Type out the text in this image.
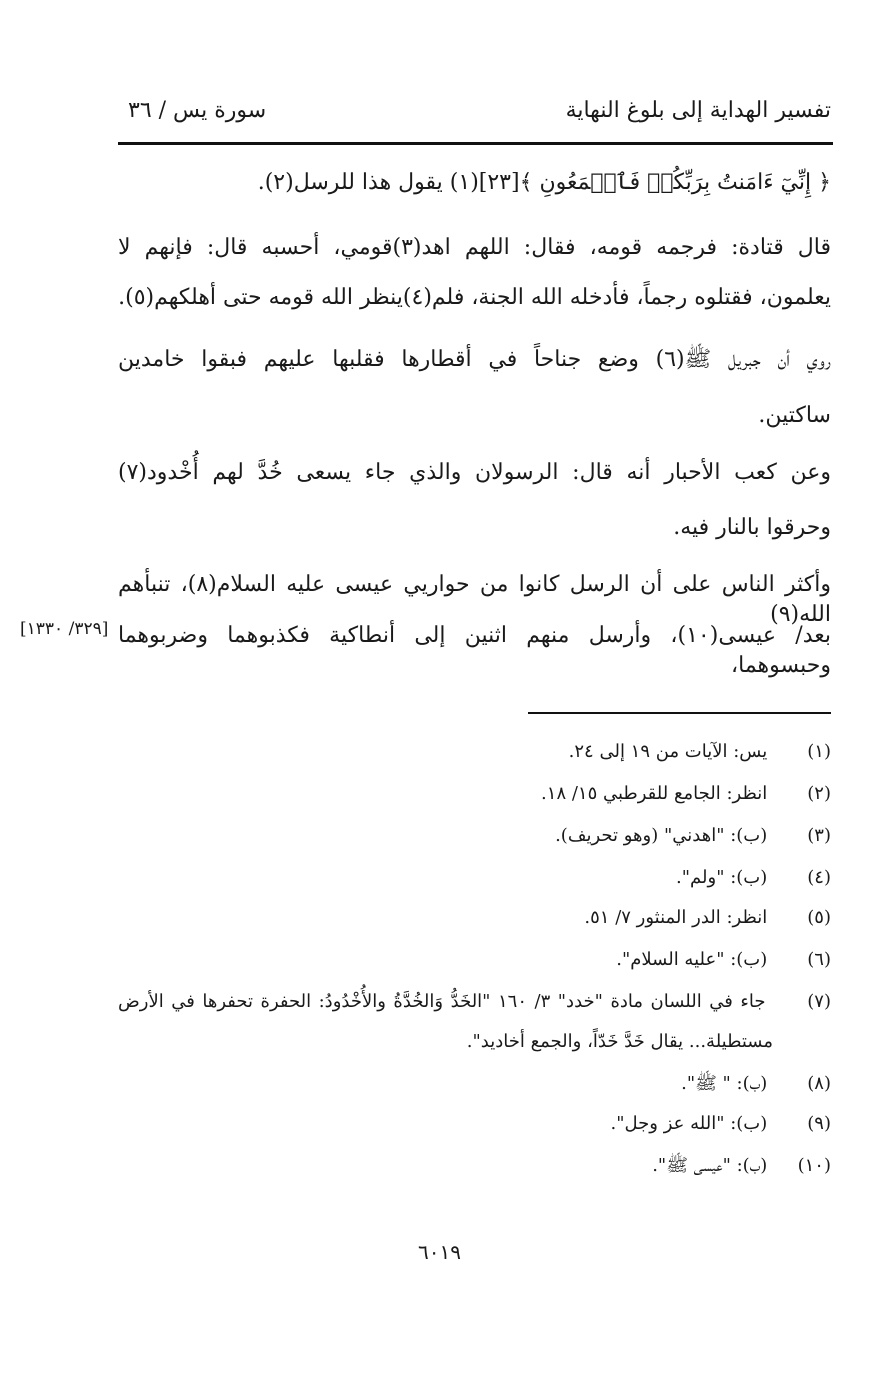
تفسير الهداية إلى بلوغ النهاية
سورة يس / ٣٦
﴿ إِنِّيٓ ءَامَنتُ بِرَبِّكُمۡ فَٱسۡمَعُونِ ﴾[٢٣](١) يقول هذا للرسل(٢).
قال قتادة: فرجمه قومه، فقال: اللهم اهد(٣)قومي، أحسبه قال: فإنهم لا
يعلمون، فقتلوه رجماً، فأدخله الله الجنة، فلم(٤)ينظر الله قومه حتى أهلكهم(٥).
روي أن جبريل ﷺ(٦) وضع جناحاً في أقطارها فقلبها عليهم فبقوا خامدين
ساكتين.
وعن كعب الأحبار أنه قال: الرسولان والذي جاء يسعى خُدَّ لهم أُخْدود(٧)
وحرقوا بالنار فيه.
وأكثر الناس على أن الرسل كانوا من حواريي عيسى عليه السلام(٨)، تنبأهم الله(٩)
بعد/ عيسى(١٠)، وأرسل منهم اثنين إلى أنطاكية فكذبوهما وضربوهما وحبسوهما،
[٣٢٩/ ١٣٣٠]
(١) يس: الآيات من ١٩ إلى ٢٤.
(٢) انظر: الجامع للقرطبي ١٥/ ١٨.
(٣) (ب): "اهدني" (وهو تحريف).
(٤) (ب): "ولم".
(٥) انظر: الدر المنثور ٧/ ٥١.
(٦) (ب): "عليه السلام".
(٧) جاء في اللسان مادة "خدد" ٣/ ١٦٠ "الخَدُّ وَالخُدَّةُ والأُخْدُودُ: الحفرة تحفرها في الأرض
مستطيلة... يقال خَدَّ خَدّاً، والجمع أخاديد".
(٨) (ب): " ﷺ".
(٩) (ب): "الله عز وجل".
(١٠) (ب): "عيسى ﷺ".
٦٠١٩
